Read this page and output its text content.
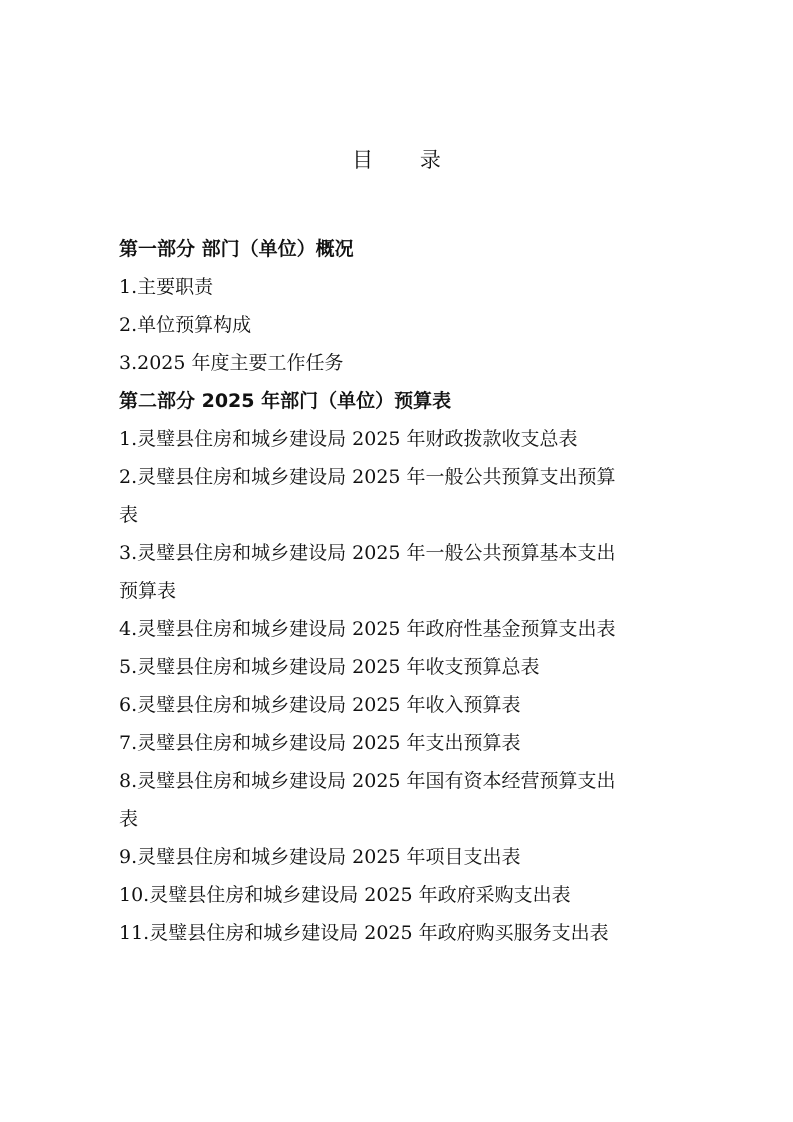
目 录
第一部分 部门（单位）概况
1.主要职责
2.单位预算构成
3.2025 年度主要工作任务
第二部分 2025 年部门（单位）预算表
1.灵璧县住房和城乡建设局 2025 年财政拨款收支总表
2.灵璧县住房和城乡建设局 2025 年一般公共预算支出预算
表
3.灵璧县住房和城乡建设局 2025 年一般公共预算基本支出
预算表
4.灵璧县住房和城乡建设局 2025 年政府性基金预算支出表
5.灵璧县住房和城乡建设局 2025 年收支预算总表
6.灵璧县住房和城乡建设局 2025 年收入预算表
7.灵璧县住房和城乡建设局 2025 年支出预算表
8.灵璧县住房和城乡建设局 2025 年国有资本经营预算支出
表
9.灵璧县住房和城乡建设局 2025 年项目支出表
10.灵璧县住房和城乡建设局 2025 年政府采购支出表
11.灵璧县住房和城乡建设局 2025 年政府购买服务支出表
